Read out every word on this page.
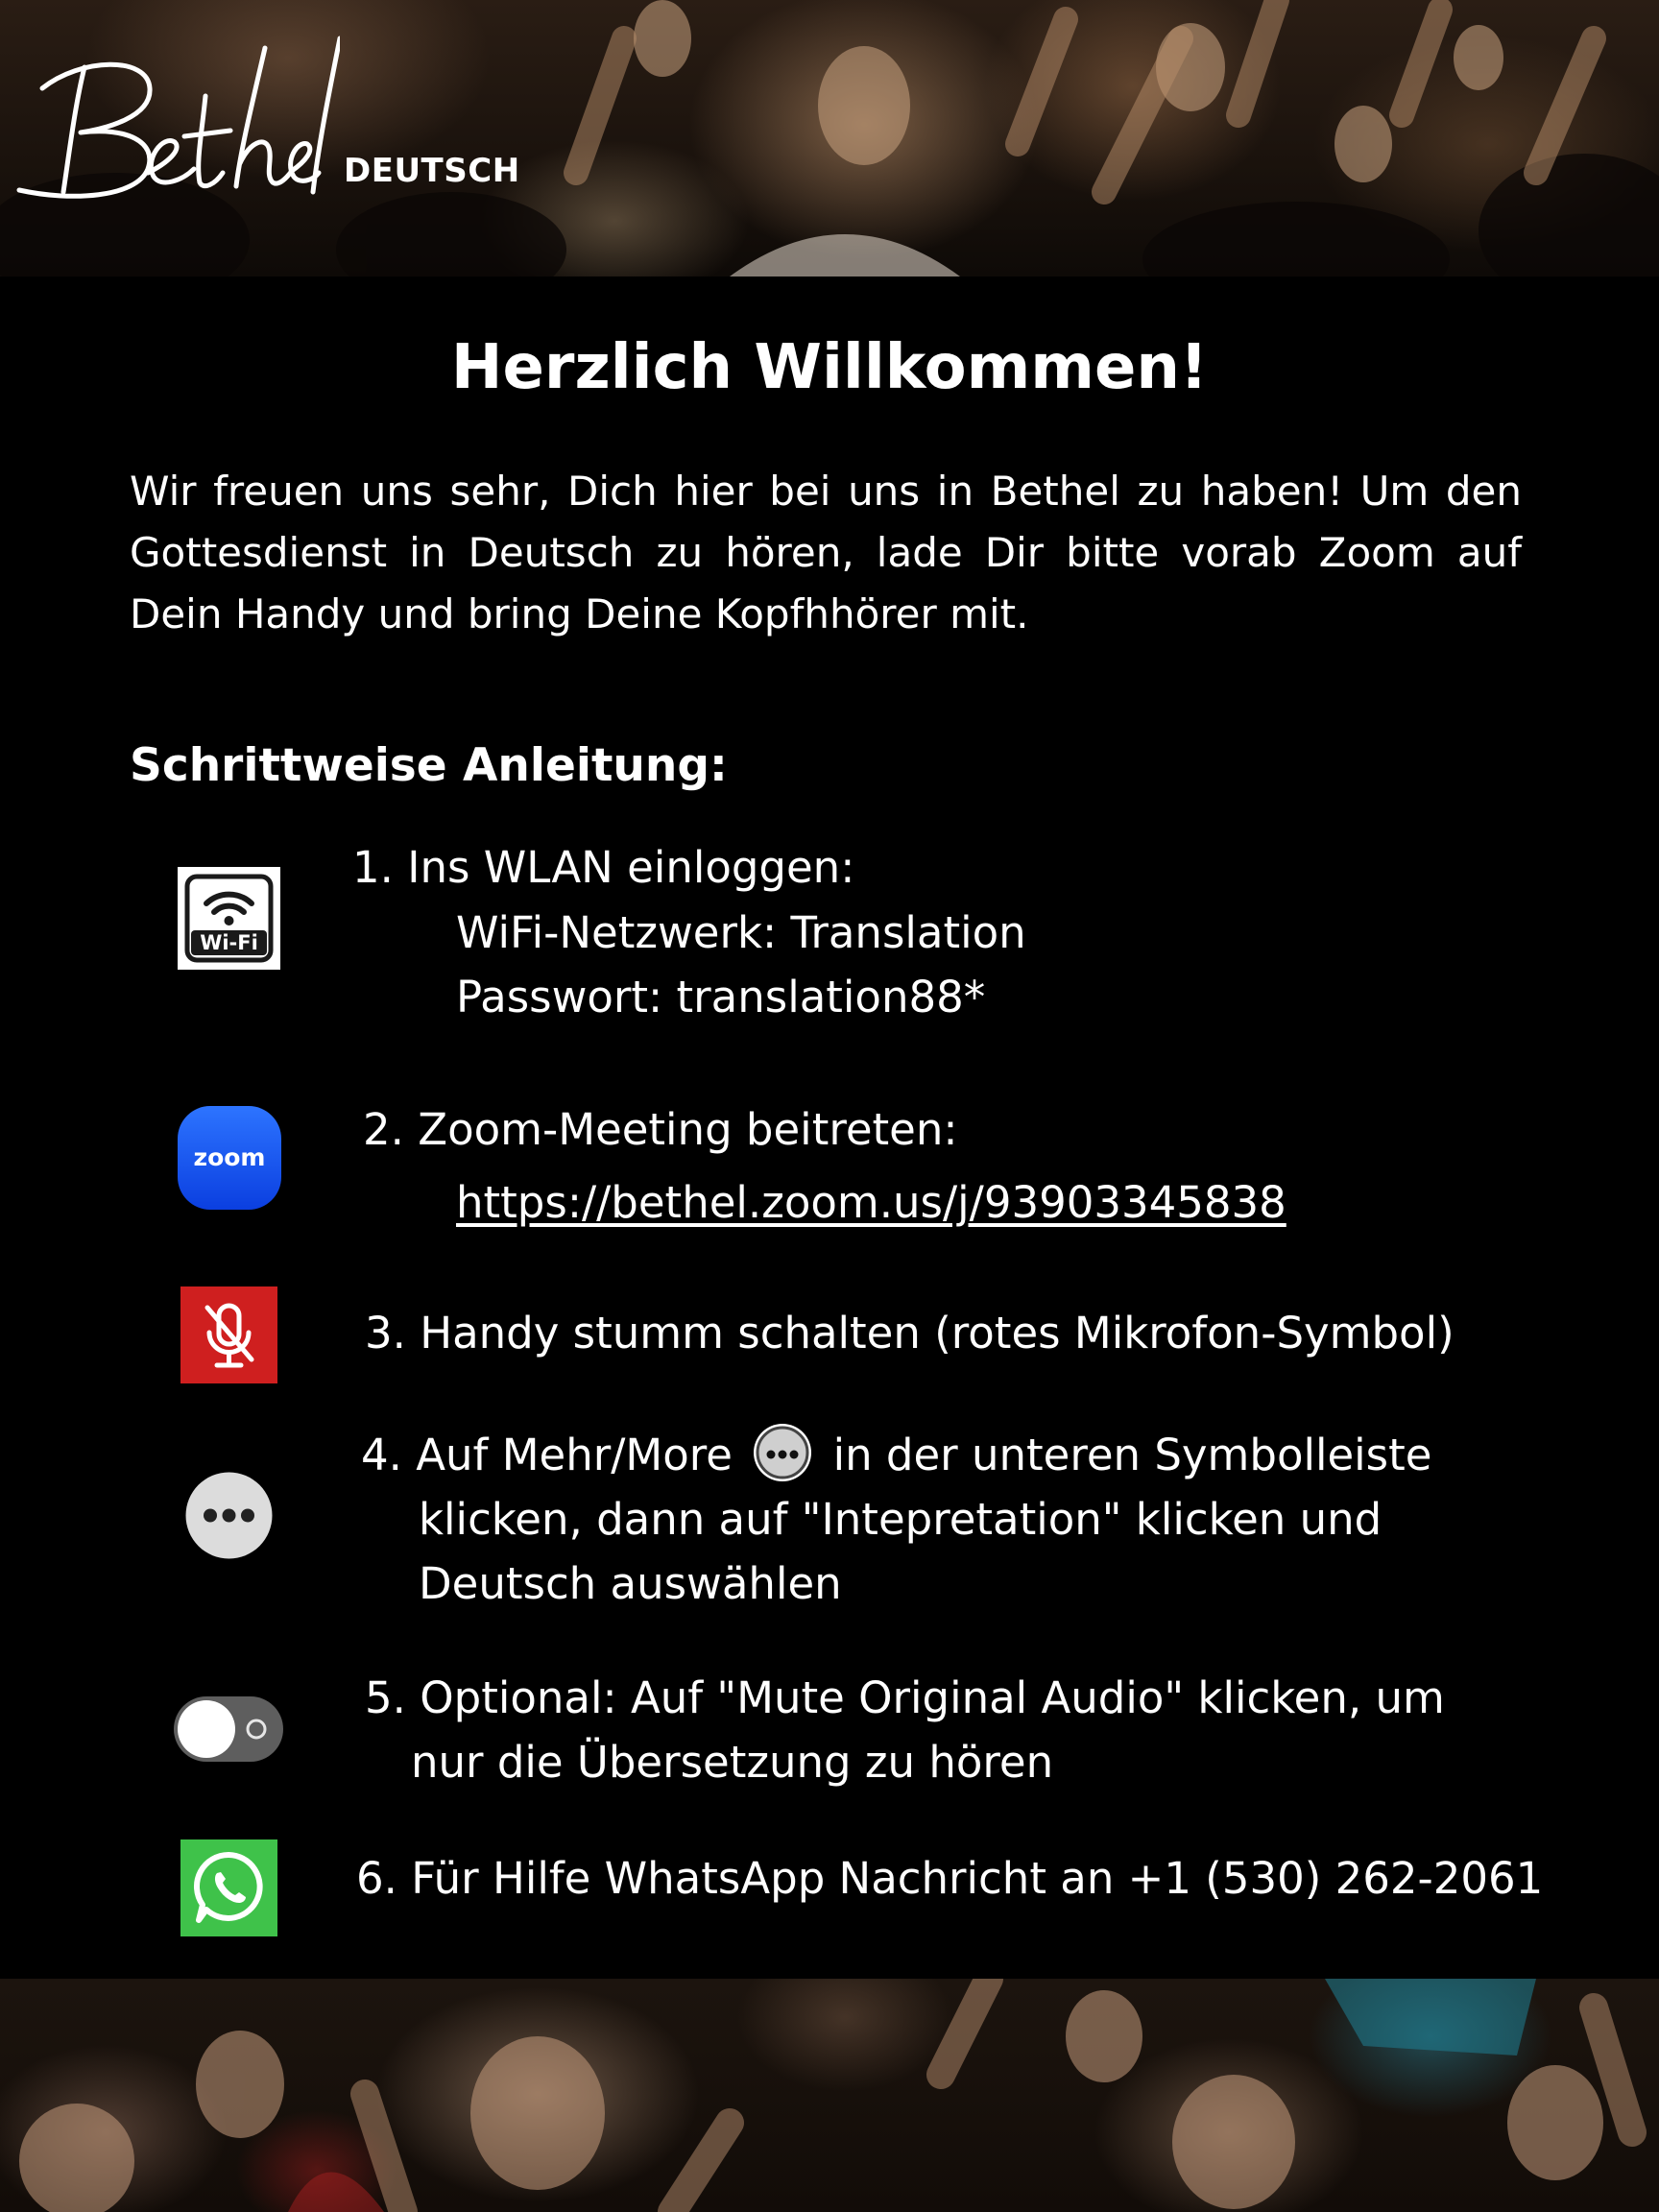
DEUTSCH
Herzlich Willkommen!

Wir freuen uns sehr, Dich hier bei uns in Bethel zu haben! Um den Gottesdienst in Deutsch zu hören, lade Dir bitte vorab Zoom auf Dein Handy und bring Deine Kopfhhörer mit.

Schrittweise Anleitung:
Wi-Fi
1. Ins WLAN einloggen:
WiFi-Netzwerk: Translation
Passwort: translation88*
zoom
2. Zoom-Meeting beitreten:
https://bethel.zoom.us/j/93903345838
3. Handy stumm schalten (rotes Mikrofon-Symbol)
4. Auf Mehr/More in der unteren Symbolleiste
klicken, dann auf "Intepretation" klicken und
Deutsch auswählen
5. Optional: Auf "Mute Original Audio" klicken, um
nur die Übersetzung zu hören
6. Für Hilfe WhatsApp Nachricht an +1 (530) 262-2061
